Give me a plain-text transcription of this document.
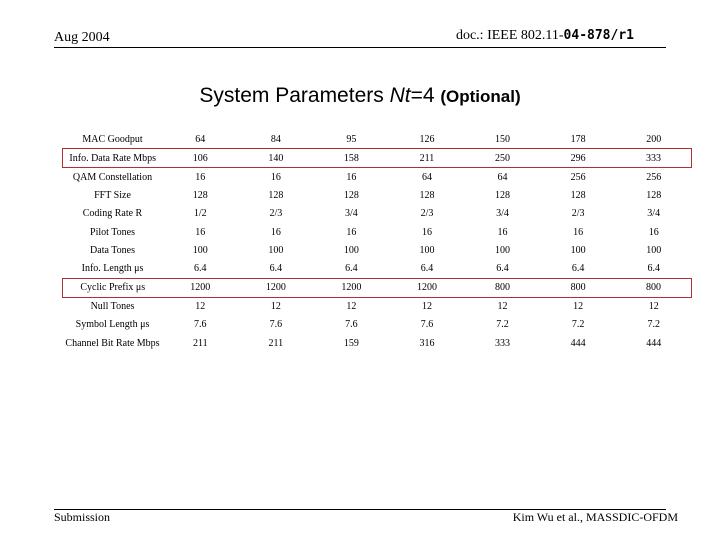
Aug 2004	doc.: IEEE 802.11-04-878/r1
System Parameters Nt=4 (Optional)
MAC Goodput	64	84	95	126	150	178	200
Info. Data Rate Mbps	106	140	158	211	250	296	333
QAM Constellation	16	16	16	64	64	256	256
FFT Size	128	128	128	128	128	128	128
Coding Rate R	1/2	2/3	3/4	2/3	3/4	2/3	3/4
Pilot Tones	16	16	16	16	16	16	16
Data Tones	100	100	100	100	100	100	100
Info. Length μs	6.4	6.4	6.4	6.4	6.4	6.4	6.4
Cyclic Prefix μs	1200	1200	1200	1200	800	800	800
Null Tones	12	12	12	12	12	12	12
Symbol Length μs	7.6	7.6	7.6	7.6	7.2	7.2	7.2
Channel Bit Rate Mbps	211	211	159	316	333	444	444
Submission	Kim Wu et al., MASSDIC-OFDM
